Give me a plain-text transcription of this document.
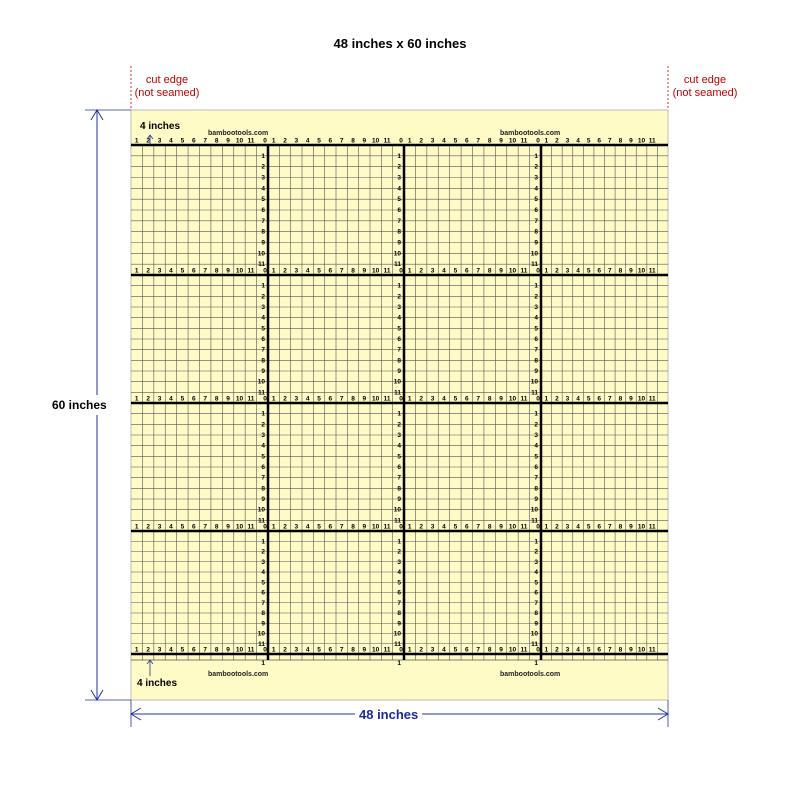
48 inches x 60 inches
cut edge
(not seamed)
cut edge
(not seamed)
1 2 3 4 5 6 7 8 9 10 11 0 1 2 3 4 5 6 7 8 9 10 11 0 1 2 3 4 5 6 7 8 9 10 11 0 1 2 3 4 5 6 7 8 9 10 11
1 2 3 4 5 6 7 8 9 10 11 0 1 2 3 4 5 6 7 8 9 10 11 0 1 2 3 4 5 6 7 8 9 10 11 0 1 2 3 4 5 6 7 8 9 10 11
1 2 3 4 5 6 7 8 9 10 11 0 1 2 3 4 5 6 7 8 9 10 11 0 1 2 3 4 5 6 7 8 9 10 11 0 1 2 3 4 5 6 7 8 9 10 11
1 2 3 4 5 6 7 8 9 10 11 0 1 2 3 4 5 6 7 8 9 10 11 0 1 2 3 4 5 6 7 8 9 10 11 0 1 2 3 4 5 6 7 8 9 10 11
1 2 3 4 5 6 7 8 9 10 11 0 1 2 3 4 5 6 7 8 9 10 11 0 1 2 3 4 5 6 7 8 9 10 11 0 1 2 3 4 5 6 7 8 9 10 11
1
2
3
4
5
6
7
8
9
10
11
1
2
3
4
5
6
7
8
9
10
11
1
2
3
4
5
6
7
8
9
10
11
1
2
3
4
5
6
7
8
9
10
11
1
1
2
3
4
5
6
7
8
9
10
11
1
2
3
4
5
6
7
8
9
10
11
1
2
3
4
5
6
7
8
9
10
11
1
2
3
4
5
6
7
8
9
10
11
1
1
2
3
4
5
6
7
8
9
10
11
1
2
3
4
5
6
7
8
9
10
11
1
2
3
4
5
6
7
8
9
10
11
1
2
3
4
5
6
7
8
9
10
11
1
4 inches
4 inches
bambootools.com	bambootools.com
bambootools.com	bambootools.com
60 inches
48 inches
